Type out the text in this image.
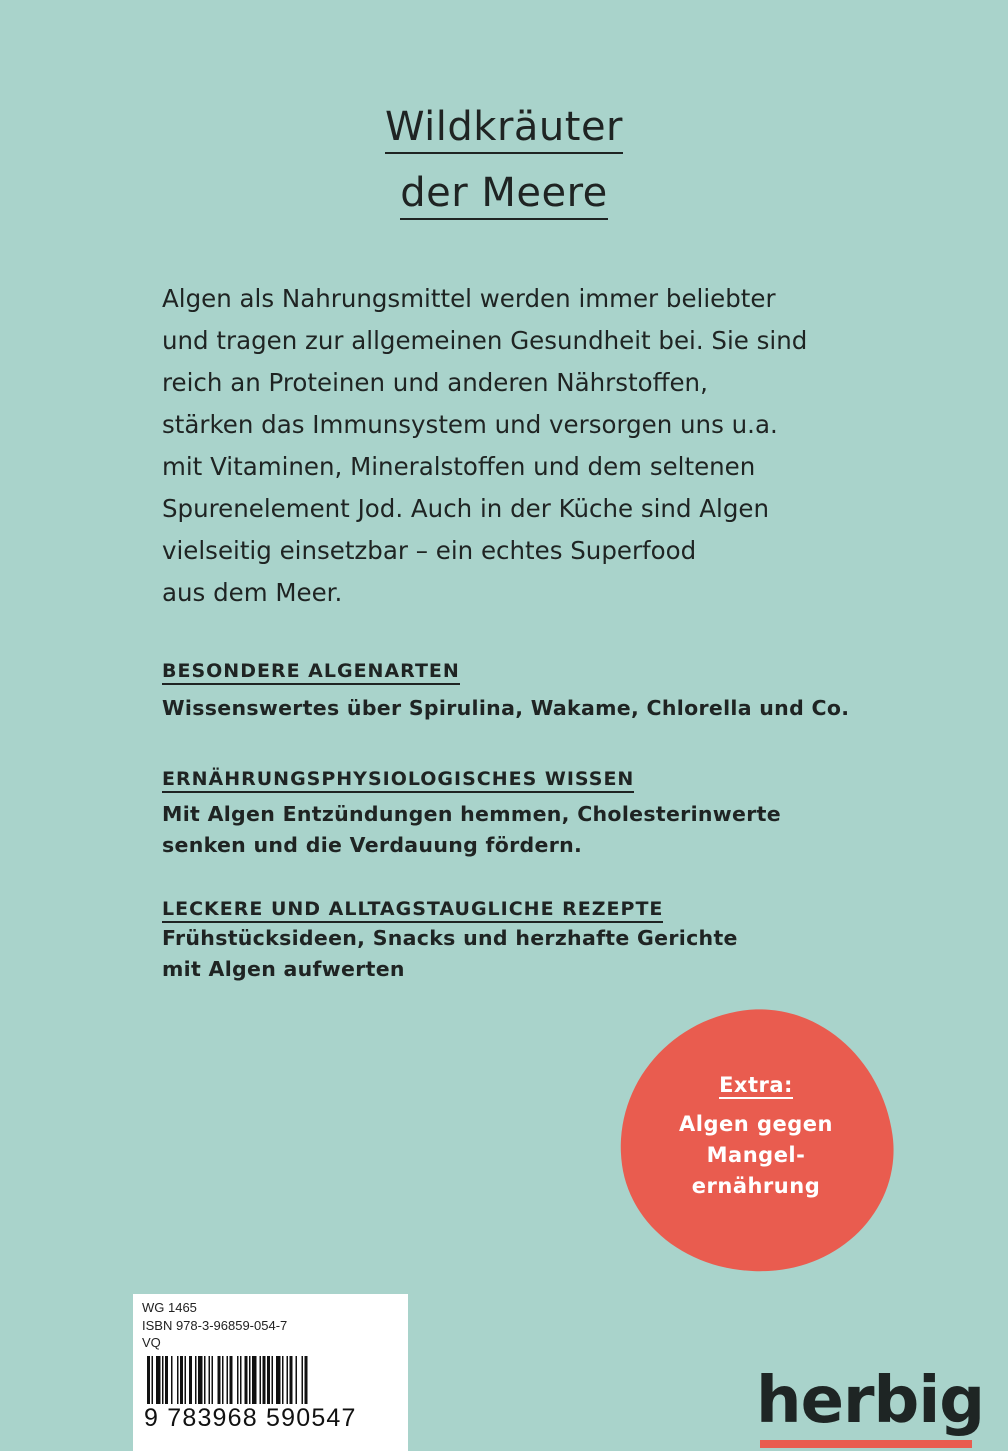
Wildkräuter
der Meere
Algen als Nahrungsmittel werden immer beliebter
und tragen zur allgemeinen Gesundheit bei. Sie sind
reich an Proteinen und anderen Nährstoffen,
stärken das Immunsystem und versorgen uns u.a.
mit Vitaminen, Mineralstoffen und dem seltenen
Spurenelement Jod. Auch in der Küche sind Algen
vielseitig einsetzbar – ein echtes Superfood
aus dem Meer.
BESONDERE ALGENARTEN
Wissenswertes über Spirulina, Wakame, Chlorella und Co.
ERNÄHRUNGSPHYSIOLOGISCHES WISSEN
Mit Algen Entzündungen hemmen, Cholesterinwerte
senken und die Verdauung fördern.
LECKERE UND ALLTAGSTAUGLICHE REZEPTE
Frühstücksideen, Snacks und herzhafte Gerichte
mit Algen aufwerten
Extra:
Algen gegen
Mangel-
ernährung
WG 1465
ISBN 978-3-96859-054-7
VQ
9 783968 590547	herbig
